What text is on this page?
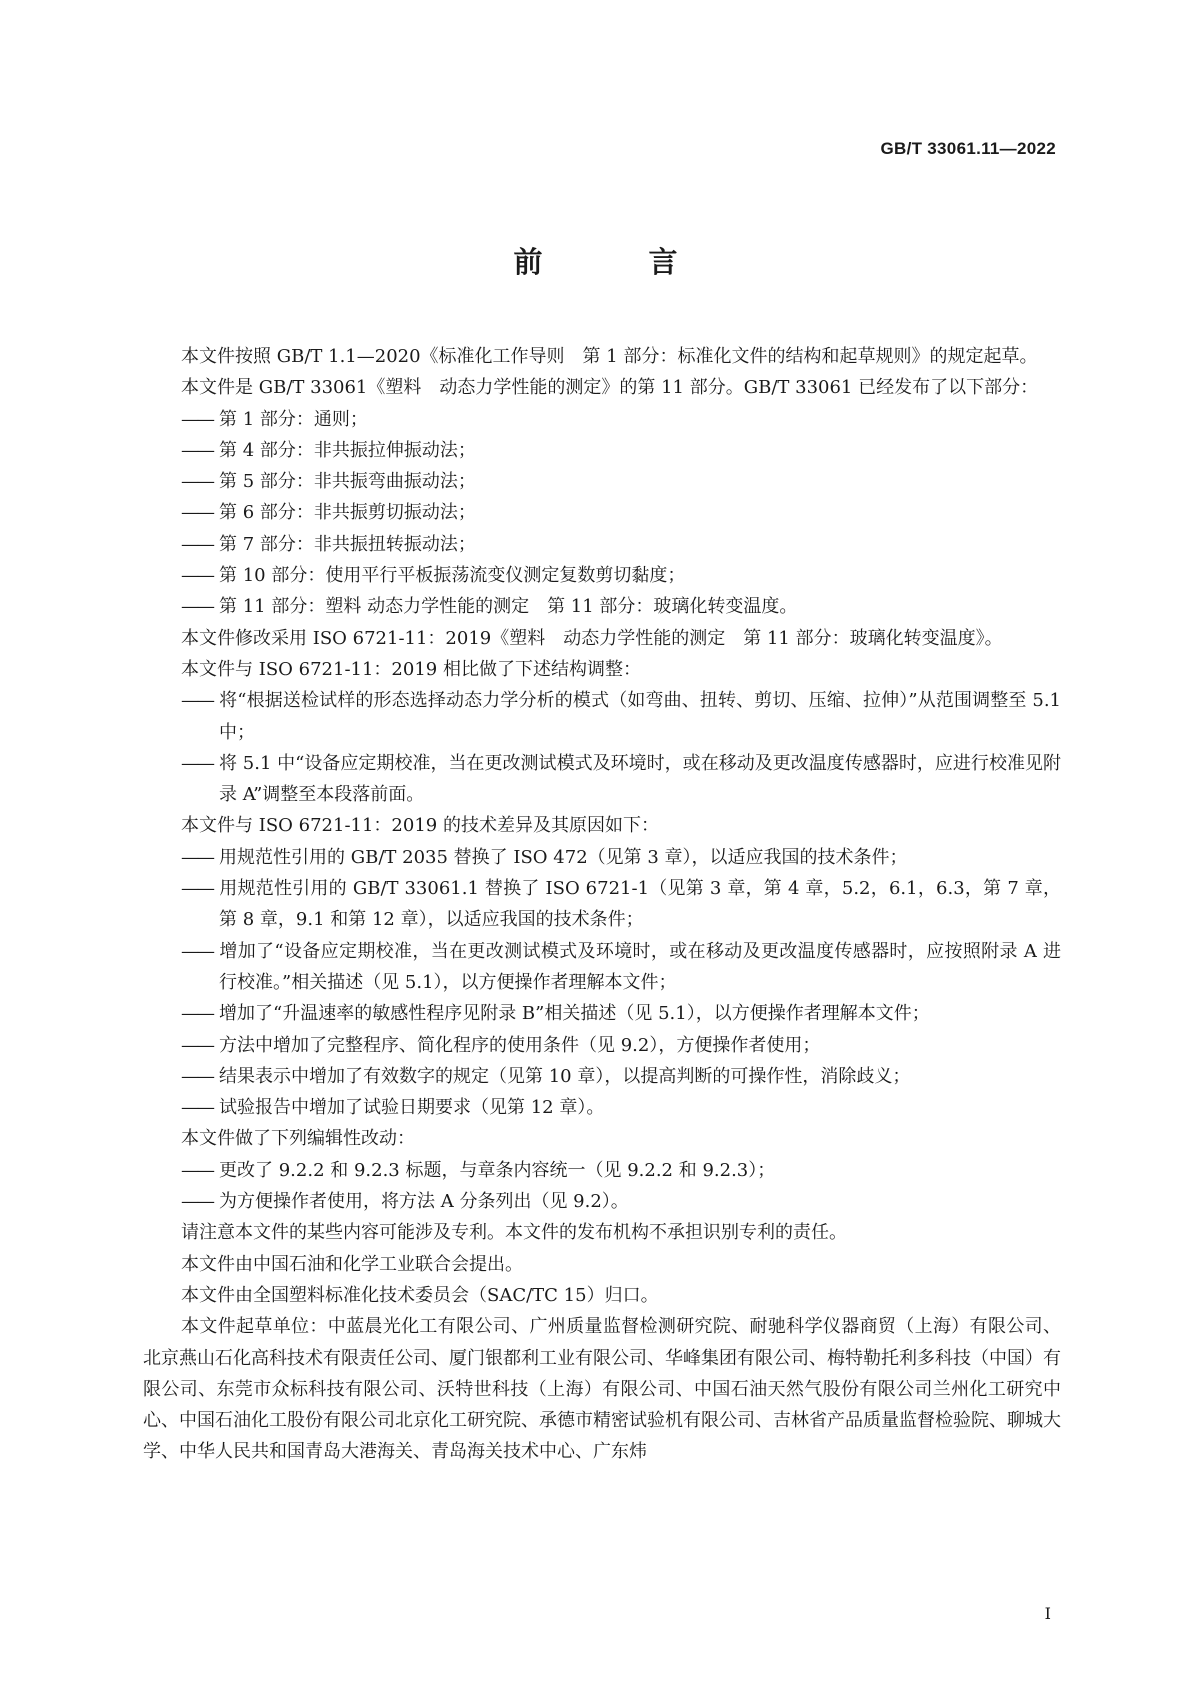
GB/T 33061.11—2022
前 言

本文件按照 GB/T 1.1—2020《标准化工作导则　第 1 部分：标准化文件的结构和起草规则》的规定起草。

本文件是 GB/T 33061《塑料　动态力学性能的测定》的第 11 部分。GB/T 33061 已经发布了以下部分：

—— 第 1 部分：通则；

—— 第 4 部分：非共振拉伸振动法；

—— 第 5 部分：非共振弯曲振动法；

—— 第 6 部分：非共振剪切振动法；

—— 第 7 部分：非共振扭转振动法；

—— 第 10 部分：使用平行平板振荡流变仪测定复数剪切黏度；

—— 第 11 部分：塑料 动态力学性能的测定　第 11 部分：玻璃化转变温度。

本文件修改采用 ISO 6721-11：2019《塑料　动态力学性能的测定　第 11 部分：玻璃化转变温度》。

本文件与 ISO 6721-11：2019 相比做了下述结构调整：

—— 将“根据送检试样的形态选择动态力学分析的模式（如弯曲、扭转、剪切、压缩、拉伸）”从范围调整至 5.1 中；

—— 将 5.1 中“设备应定期校准，当在更改测试模式及环境时，或在移动及更改温度传感器时，应进行校准见附录 A”调整至本段落前面。

本文件与 ISO 6721-11：2019 的技术差异及其原因如下：

—— 用规范性引用的 GB/T 2035 替换了 ISO 472（见第 3 章），以适应我国的技术条件；

—— 用规范性引用的 GB/T 33061.1 替换了 ISO 6721-1（见第 3 章，第 4 章，5.2，6.1，6.3，第 7 章，第 8 章，9.1 和第 12 章），以适应我国的技术条件；

—— 增加了“设备应定期校准，当在更改测试模式及环境时，或在移动及更改温度传感器时，应按照附录 A 进行校准。”相关描述（见 5.1），以方便操作者理解本文件；

—— 增加了“升温速率的敏感性程序见附录 B”相关描述（见 5.1），以方便操作者理解本文件；

—— 方法中增加了完整程序、简化程序的使用条件（见 9.2），方便操作者使用；

—— 结果表示中增加了有效数字的规定（见第 10 章），以提高判断的可操作性，消除歧义；

—— 试验报告中增加了试验日期要求（见第 12 章）。

本文件做了下列编辑性改动：

—— 更改了 9.2.2 和 9.2.3 标题，与章条内容统一（见 9.2.2 和 9.2.3）；

—— 为方便操作者使用，将方法 A 分条列出（见 9.2）。

请注意本文件的某些内容可能涉及专利。本文件的发布机构不承担识别专利的责任。

本文件由中国石油和化学工业联合会提出。

本文件由全国塑料标准化技术委员会（SAC/TC 15）归口。

本文件起草单位：中蓝晨光化工有限公司、广州质量监督检测研究院、耐驰科学仪器商贸（上海）有限公司、北京燕山石化高科技术有限责任公司、厦门银都利工业有限公司、华峰集团有限公司、梅特勒托利多科技（中国）有限公司、东莞市众标科技有限公司、沃特世科技（上海）有限公司、中国石油天然气股份有限公司兰州化工研究中心、中国石油化工股份有限公司北京化工研究院、承德市精密试验机有限公司、吉林省产品质量监督检验院、聊城大学、中华人民共和国青岛大港海关、青岛海关技术中心、广东炜

I
